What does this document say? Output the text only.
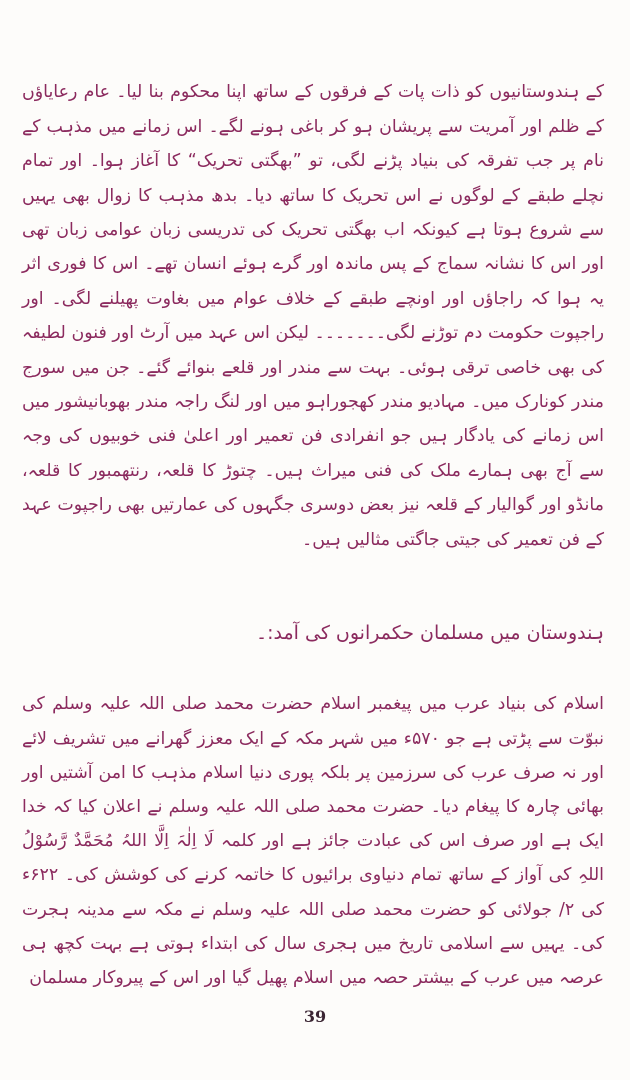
کے ہندوستانیوں کو ذات پات کے فرقوں کے ساتھ اپنا محکوم بنا لیا۔ عام رعایاؤں کے ظلم اور آمریت سے پریشان ہو کر باغی ہونے لگے۔ اس زمانے میں مذہب کے نام پر جب تفرقہ کی بنیاد پڑنے لگی، تو ”بھگتی تحریک“ کا آغاز ہوا۔ اور تمام نچلے طبقے کے لوگوں نے اس تحریک کا ساتھ دیا۔ بدھ مذہب کا زوال بھی یہیں سے شروع ہوتا ہے کیونکہ اب بھگتی تحریک کی تدریسی زبان عوامی زبان تھی اور اس کا نشانہ سماج کے پس ماندہ اور گرے ہوئے انسان تھے۔ اس کا فوری اثر یہ ہوا کہ راجاؤں اور اونچے طبقے کے خلاف عوام میں بغاوت پھیلنے لگی۔ اور راجپوت حکومت دم توڑنے لگی۔۔۔۔۔۔۔ لیکن اس عہد میں آرٹ اور فنون لطیفہ کی بھی خاصی ترقی ہوئی۔ بہت سے مندر اور قلعے بنوائے گئے۔ جن میں سورج مندر کونارک میں۔ مہادیو مندر کھجوراہو میں اور لنگ راجہ مندر بھوبانیشور میں اس زمانے کی یادگار ہیں جو انفرادی فن تعمیر اور اعلیٰ فنی خوبیوں کی وجہ سے آج بھی ہمارے ملک کی فنی میراث ہیں۔ چتوڑ کا قلعہ، رنتھمبور کا قلعہ، مانڈو اور گوالیار کے قلعہ نیز بعض دوسری جگہوں کی عمارتیں بھی راجپوت عہد کے فن تعمیر کی جیتی جاگتی مثالیں ہیں۔

ہندوستان میں مسلمان حکمرانوں کی آمد:۔

اسلام کی بنیاد عرب میں پیغمبر اسلام حضرت محمد صلی اللہ علیہ وسلم کی نبوّت سے پڑتی ہے جو ۵۷۰ء میں شہر مکہ کے ایک معزز گھرانے میں تشریف لائے اور نہ صرف عرب کی سرزمین پر بلکہ پوری دنیا اسلام مذہب کا امن آشتیں اور بھائی چارہ کا پیغام دیا۔ حضرت محمد صلی اللہ علیہ وسلم نے اعلان کیا کہ خدا ایک ہے اور صرف اس کی عبادت جائز ہے اور کلمہ لَا اِلٰہَ اِلَّا اللہُ مُحَمَّدٌ رَّسُوْلُ اللہِ کی آواز کے ساتھ تمام دنیاوی برائیوں کا خاتمہ کرنے کی کوشش کی۔ ۶۲۲ء کی ۲/ جولائی کو حضرت محمد صلی اللہ علیہ وسلم نے مکہ سے مدینہ ہجرت کی۔ یہیں سے اسلامی تاریخ میں ہجری سال کی ابتداء ہوتی ہے بہت کچھ ہی عرصہ میں عرب کے بیشتر حصہ میں اسلام پھیل گیا اور اس کے پیروکار مسلمان

39
